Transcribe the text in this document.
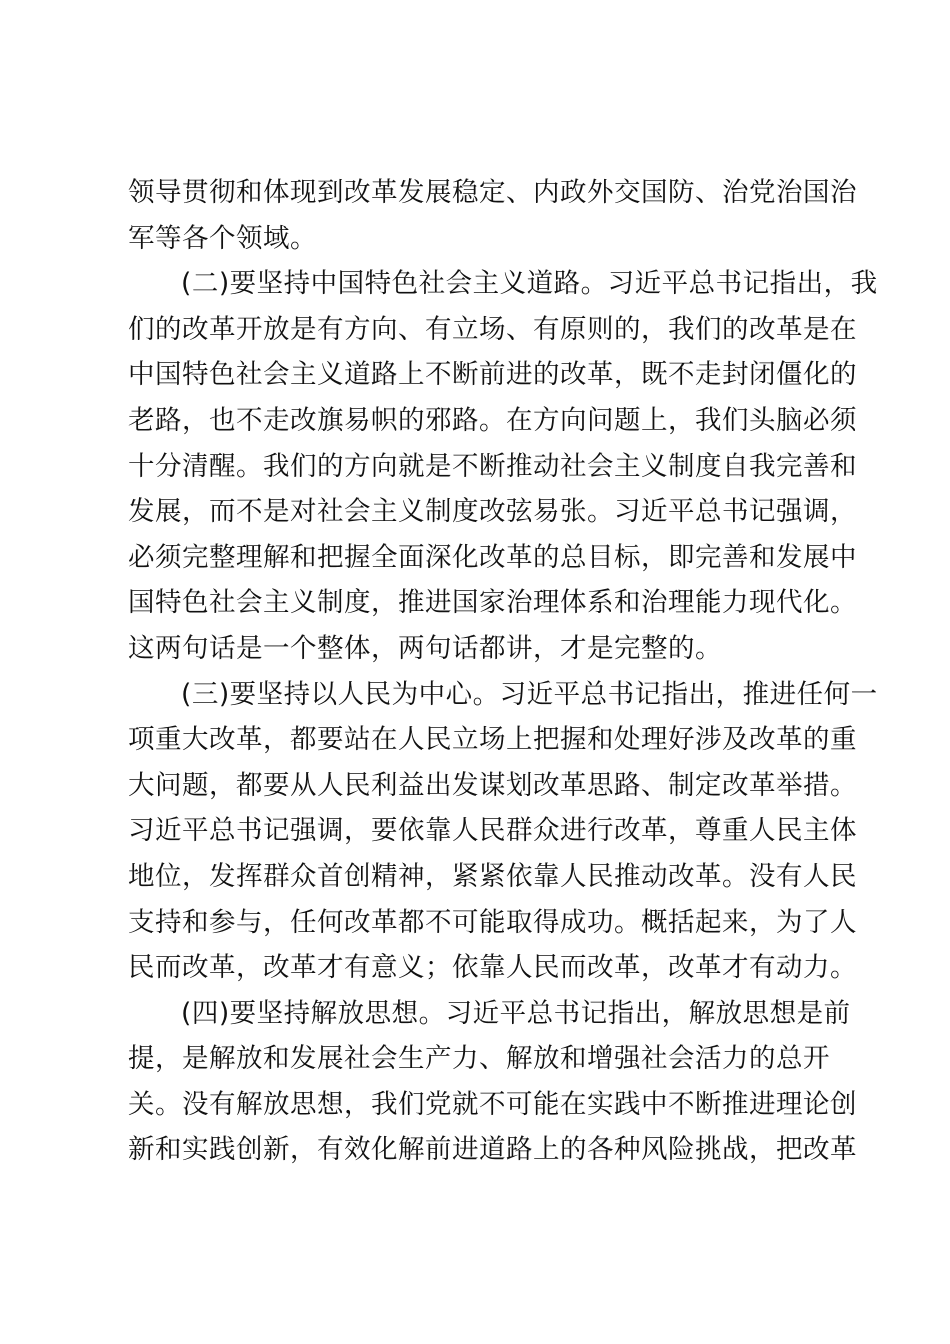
领导贯彻和体现到改革发展稳定、内政外交国防、治党治国治
军等各个领域。
(二)要坚持中国特色社会主义道路。习近平总书记指出，我
们的改革开放是有方向、有立场、有原则的，我们的改革是在
中国特色社会主义道路上不断前进的改革，既不走封闭僵化的
老路，也不走改旗易帜的邪路。在方向问题上，我们头脑必须
十分清醒。我们的方向就是不断推动社会主义制度自我完善和
发展，而不是对社会主义制度改弦易张。习近平总书记强调，
必须完整理解和把握全面深化改革的总目标，即完善和发展中
国特色社会主义制度，推进国家治理体系和治理能力现代化。
这两句话是一个整体，两句话都讲，才是完整的。
(三)要坚持以人民为中心。习近平总书记指出，推进任何一
项重大改革，都要站在人民立场上把握和处理好涉及改革的重
大问题，都要从人民利益出发谋划改革思路、制定改革举措。
习近平总书记强调，要依靠人民群众进行改革，尊重人民主体
地位，发挥群众首创精神，紧紧依靠人民推动改革。没有人民
支持和参与，任何改革都不可能取得成功。概括起来，为了人
民而改革，改革才有意义；依靠人民而改革，改革才有动力。
(四)要坚持解放思想。习近平总书记指出，解放思想是前
提，是解放和发展社会生产力、解放和增强社会活力的总开
关。没有解放思想，我们党就不可能在实践中不断推进理论创
新和实践创新，有效化解前进道路上的各种风险挑战，把改革
